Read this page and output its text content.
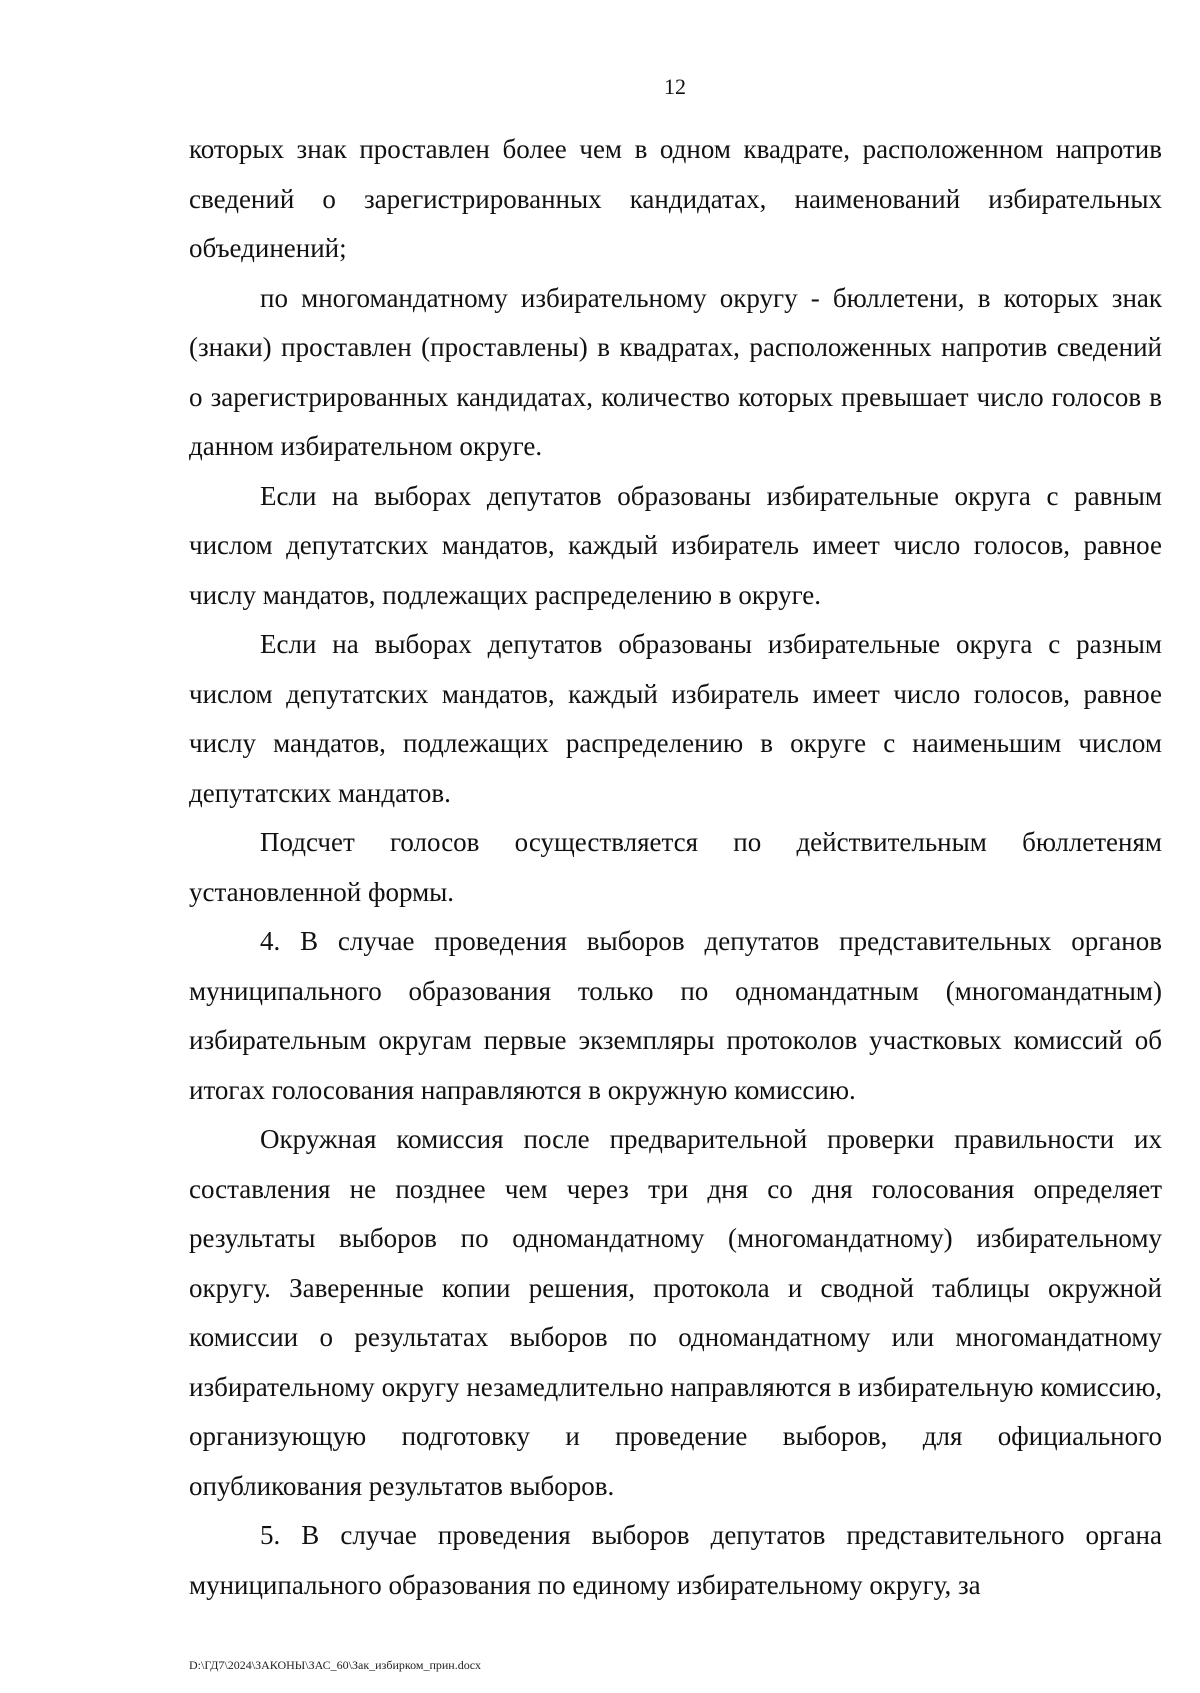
12

которых знак проставлен более чем в одном квадрате, расположенном напротив сведений о зарегистрированных кандидатах, наименований избирательных объединений;

по многомандатному избирательному округу - бюллетени, в которых знак (знаки) проставлен (проставлены) в квадратах, расположенных напротив сведений о зарегистрированных кандидатах, количество которых превышает число голосов в данном избирательном округе.

Если на выборах депутатов образованы избирательные округа с равным числом депутатских мандатов, каждый избиратель имеет число голосов, равное числу мандатов, подлежащих распределению в округе.

Если на выборах депутатов образованы избирательные округа с разным числом депутатских мандатов, каждый избиратель имеет число голосов, равное числу мандатов, подлежащих распределению в округе с наименьшим числом депутатских мандатов.

Подсчет голосов осуществляется по действительным бюллетеням установленной формы.

4. В случае проведения выборов депутатов представительных органов муниципального образования только по одномандатным (многомандатным) избирательным округам первые экземпляры протоколов участковых комиссий об итогах голосования направляются в окружную комиссию.

Окружная комиссия после предварительной проверки правильности их составления не позднее чем через три дня со дня голосования определяет результаты выборов по одномандатному (многомандатному) избирательному округу. Заверенные копии решения, протокола и сводной таблицы окружной комиссии о результатах выборов по одномандатному или многомандатному избирательному округу незамедлительно направляются в избирательную комиссию, организующую подготовку и проведение выборов, для официального опубликования результатов выборов.

5. В случае проведения выборов депутатов представительного органа муниципального образования по единому избирательному округу, за

D:\ГД7\2024\ЗАКОНЫ\ЗАС_60\Зак_избирком_прин.docx
